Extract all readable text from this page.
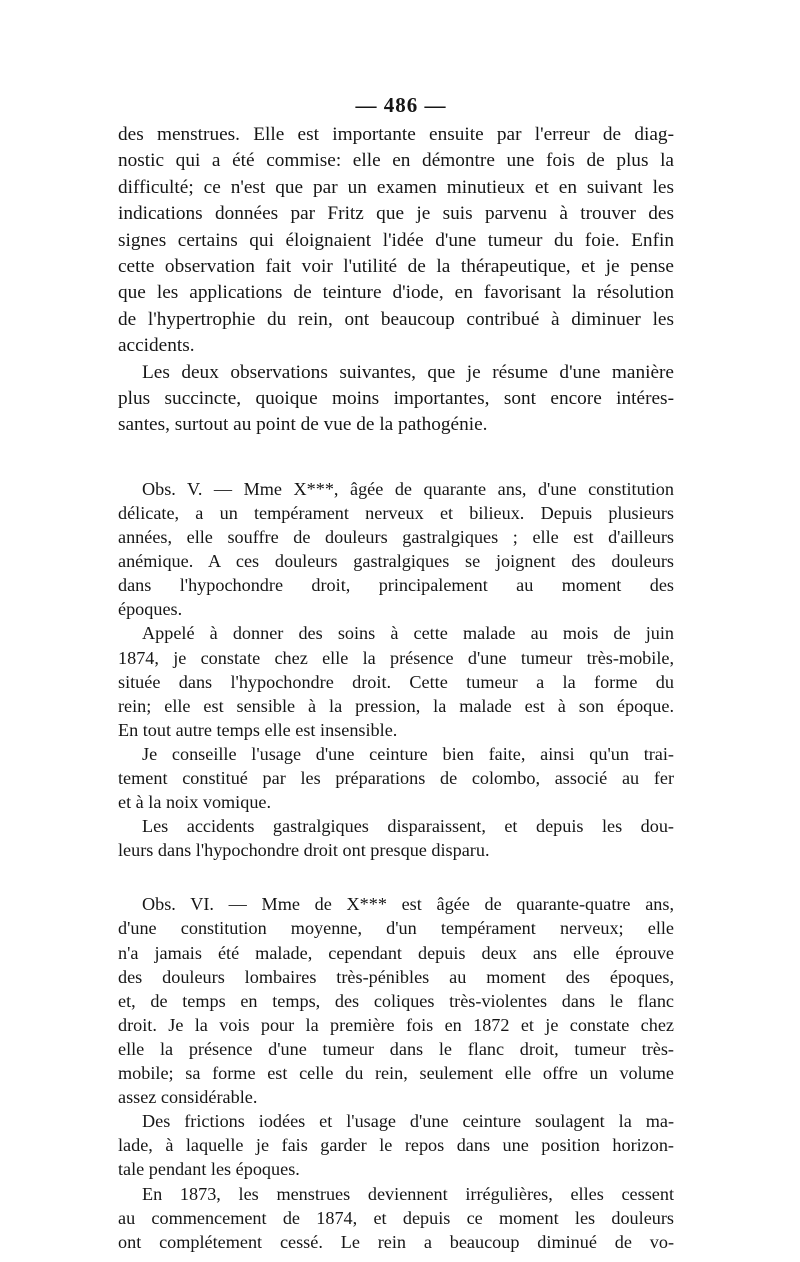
— 486 —

des menstrues. Elle est importante ensuite par l'erreur de diag-

nostic qui a été commise: elle en démontre une fois de plus la

difficulté; ce n'est que par un examen minutieux et en suivant les

indications données par Fritz que je suis parvenu à trouver des

signes certains qui éloignaient l'idée d'une tumeur du foie. Enfin

cette observation fait voir l'utilité de la thérapeutique, et je pense

que les applications de teinture d'iode, en favorisant la résolution

de l'hypertrophie du rein, ont beaucoup contribué à diminuer les

accidents.

Les deux observations suivantes, que je résume d'une manière

plus succincte, quoique moins importantes, sont encore intéres-

santes, surtout au point de vue de la pathogénie.

Obs. V. — Mme X***, âgée de quarante ans, d'une constitution

délicate, a un tempérament nerveux et bilieux. Depuis plusieurs

années, elle souffre de douleurs gastralgiques ; elle est d'ailleurs

anémique. A ces douleurs gastralgiques se joignent des douleurs

dans l'hypochondre droit, principalement au moment des

époques.

Appelé à donner des soins à cette malade au mois de juin

1874, je constate chez elle la présence d'une tumeur très-mobile,

située dans l'hypochondre droit. Cette tumeur a la forme du

rein; elle est sensible à la pression, la malade est à son époque.

En tout autre temps elle est insensible.

Je conseille l'usage d'une ceinture bien faite, ainsi qu'un trai-

tement constitué par les préparations de colombo, associé au fer

et à la noix vomique.

Les accidents gastralgiques disparaissent, et depuis les dou-

leurs dans l'hypochondre droit ont presque disparu.

Obs. VI. — Mme de X*** est âgée de quarante-quatre ans,

d'une constitution moyenne, d'un tempérament nerveux; elle

n'a jamais été malade, cependant depuis deux ans elle éprouve

des douleurs lombaires très-pénibles au moment des époques,

et, de temps en temps, des coliques très-violentes dans le flanc

droit. Je la vois pour la première fois en 1872 et je constate chez

elle la présence d'une tumeur dans le flanc droit, tumeur très-

mobile; sa forme est celle du rein, seulement elle offre un volume

assez considérable.

Des frictions iodées et l'usage d'une ceinture soulagent la ma-

lade, à laquelle je fais garder le repos dans une position horizon-

tale pendant les époques.

En 1873, les menstrues deviennent irrégulières, elles cessent

au commencement de 1874, et depuis ce moment les douleurs

ont complétement cessé. Le rein a beaucoup diminué de vo-
